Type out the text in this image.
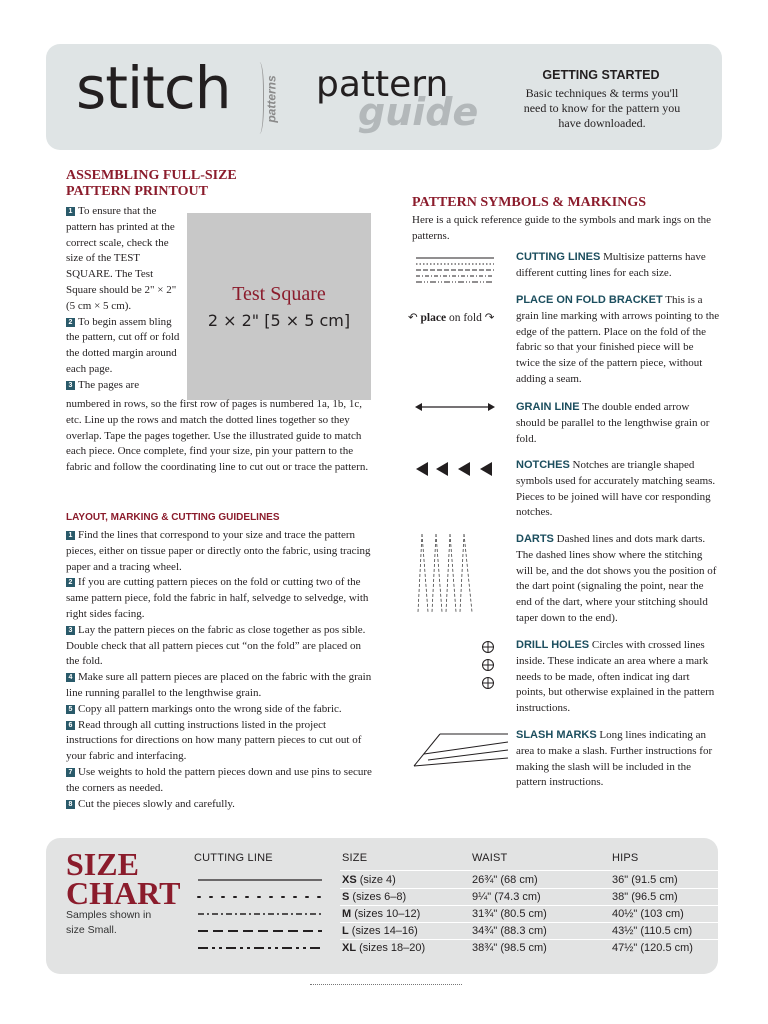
stitch	patterns pattern
guide
GETTING STARTED
Basic techniques & terms you'll need to know for the pattern you have downloaded.
ASSEMBLING FULL-SIZE PATTERN PRINTOUT

1 To ensure that the pattern has printed at the correct scale, check the size of the TEST SQUARE. The Test Square should be 2" × 2" (5 cm × 5 cm).

2 To begin assem bling the pattern, cut off or fold the dotted margin around each page.

3 The pages are

Test Square
2 × 2" [5 × 5 cm]

numbered in rows, so the first row of pages is numbered 1a, 1b, 1c, etc. Line up the rows and match the dotted lines together so they overlap. Tape the pages together. Use the illustrated guide to match each piece. Once complete, find your size, pin your pattern to the fabric and follow the coordinating line to cut out or trace the pattern.

LAYOUT, MARKING & CUTTING GUIDELINES

1 Find the lines that correspond to your size and trace the pattern pieces, either on tissue paper or directly onto the fabric, using tracing paper and a tracing wheel.

2 If you are cutting pattern pieces on the fold or cutting two of the same pattern piece, fold the fabric in half, selvedge to selvedge, with right sides facing.

3 Lay the pattern pieces on the fabric as close together as pos sible. Double check that all pattern pieces cut “on the fold” are placed on the fold.

4 Make sure all pattern pieces are placed on the fabric with the grain line running parallel to the lengthwise grain.

5 Copy all pattern markings onto the wrong side of the fabric.

6 Read through all cutting instructions listed in the project instructions for directions on how many pattern pieces to cut out of your fabric and interfacing.

7 Use weights to hold the pattern pieces down and use pins to secure the corners as needed.

8 Cut the pieces slowly and carefully.

PATTERN SYMBOLS & MARKINGS
Here is a quick reference guide to the symbols and mark ings on the patterns.
↶ place on fold ↷
CUTTING LINES Multisize patterns have different cutting lines for each size.
PLACE ON FOLD BRACKET This is a grain line marking with arrows pointing to the edge of the pattern. Place on the fold of the fabric so that your finished piece will be twice the size of the pattern piece, without adding a seam.
GRAIN LINE The double ended arrow should be parallel to the lengthwise grain or fold.
NOTCHES Notches are triangle shaped symbols used for accurately matching seams. Pieces to be joined will have cor responding notches.
DARTS Dashed lines and dots mark darts. The dashed lines show where the stitching will be, and the dot shows you the position of the dart point (signaling the point, near the end of the dart, where your stitching should taper down to the end).
DRILL HOLES Circles with crossed lines inside. These indicate an area where a mark needs to be made, often indicat ing dart points, but otherwise explained in the pattern instructions.
SLASH MARKS Long lines indicating an area to make a slash. Further instructions for making the slash will be included in the pattern instructions.
SIZE
CHART
Samples shown in size Small.
CUTTING LINE	SIZE	WAIST	HIPS
XS (size 4)	26¾" (68 cm)	36" (91.5 cm)
S (sizes 6–8)	9¼" (74.3 cm)	38" (96.5 cm)
M (sizes 10–12)	31¾" (80.5 cm)	40½" (103 cm)
L (sizes 14–16)	34¾" (88.3 cm)	43½" (110.5 cm)
XL (sizes 18–20)	38¾" (98.5 cm)	47½" (120.5 cm)
